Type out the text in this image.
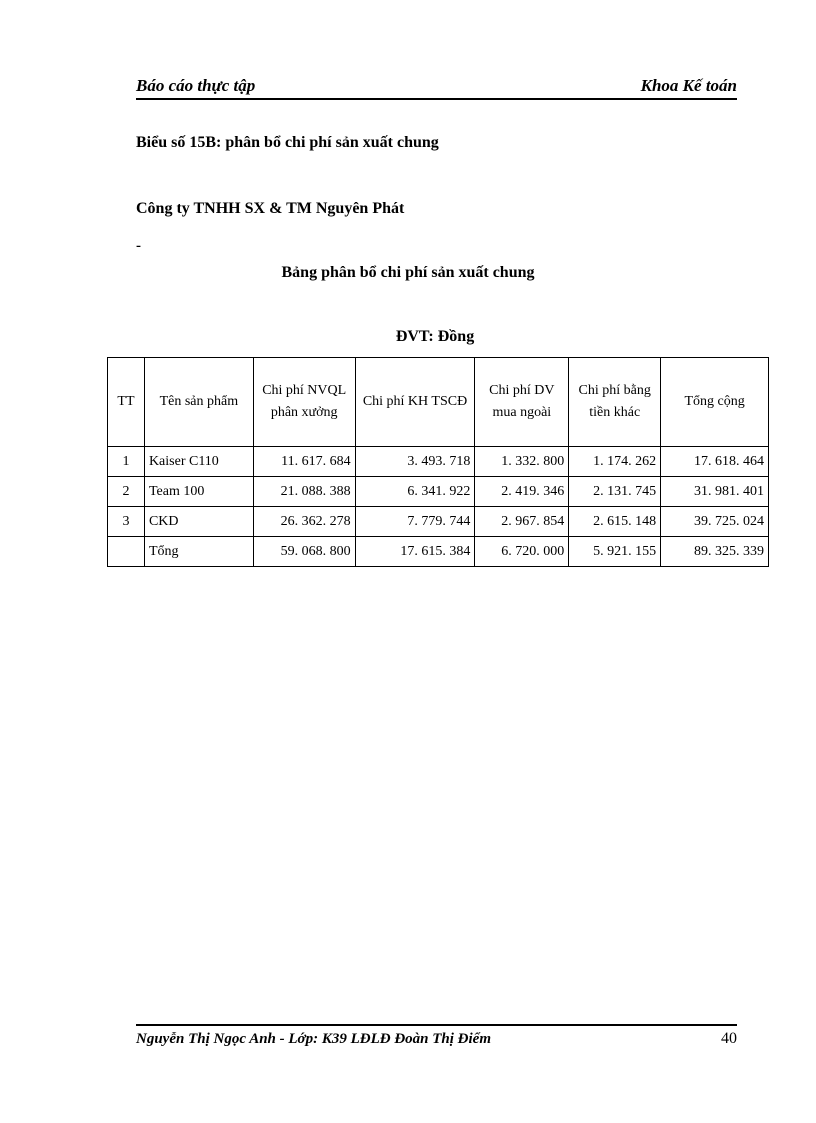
Báo cáo thực tập	Khoa Kế toán
Biểu số 15B: phân bổ chi phí sản xuất chung
Công ty TNHH SX & TM Nguyên Phát
-
Bảng phân bổ chi phí sản xuất chung
ĐVT: Đồng
TT	Tên sản phẩm	Chi phí NVQL phân xưởng	Chi phí KH TSCĐ	Chi phí DV mua ngoài	Chi phí bằng tiền khác	Tổng cộng
1	Kaiser C110	11. 617. 684	3. 493. 718	1. 332. 800	1. 174. 262	17. 618. 464
2	Team 100	21. 088. 388	6. 341. 922	2. 419. 346	2. 131. 745	31. 981. 401
3	CKD	26. 362. 278	7. 779. 744	2. 967. 854	2. 615. 148	39. 725. 024
	Tổng	59. 068. 800	17. 615. 384	6. 720. 000	5. 921. 155	89. 325. 339
Nguyễn Thị Ngọc Anh - Lớp: K39 LĐLĐ Đoàn Thị Điểm	40
